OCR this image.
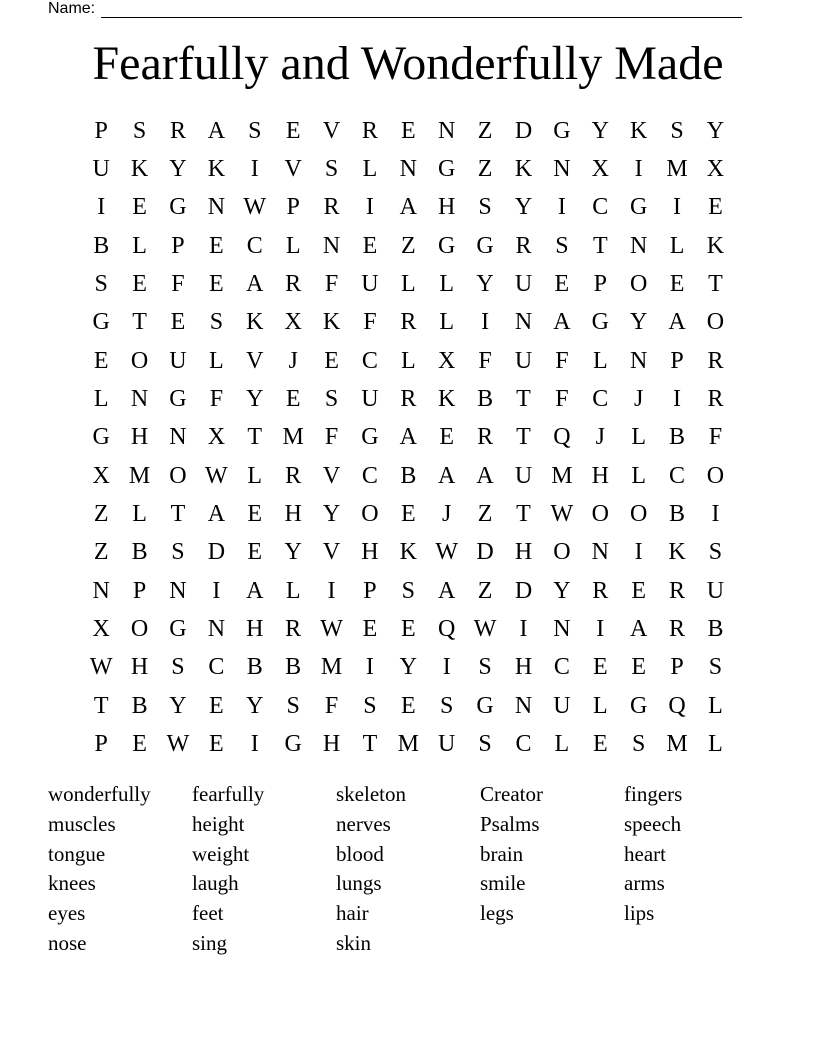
Name:
Fearfully and Wonderfully Made
P	S R A S	E V R E N Z D G Y K S Y
U K Y K	I	V S	L N G Z K N X	I M X
I	E G N W P R	I	A H S Y	I	C G	I	E
B L	P	E C L N E Z G G R S	T N L K
S	E	F	E A R F U L L Y U E	P O E T
G T E	S K X K F R L	I	N A G Y A O
E O U L V	J	E C L X F U F	L N P R
L N G F Y E	S U R K B T	F C	J	I	R
G H N X T M F G A E R T Q	J	L B F
X M O W L R V C B A A U M H L C O
Z L T A E H Y O E	J	Z T W O O B	I
Z B S D E Y V H K W D H O N	I	K S
N P N	I	A L	I	P	S A Z D Y R E R U
X O G N H R W E E Q W I	N	I	A R B
W H S C B B M I	Y	I	S H C E E	P	S
T B Y E Y S	F	S	E	S G N U L G Q L
P	E W E	I	G H T M U S C L E	S M L
wonderfully	fearfully	skeleton	Creator	fingers
muscles	height	nerves	Psalms	speech
tongue	weight	blood	brain	heart
knees	laugh	lungs	smile	arms
eyes	feet	hair	legs	lips
nose	sing	skin
